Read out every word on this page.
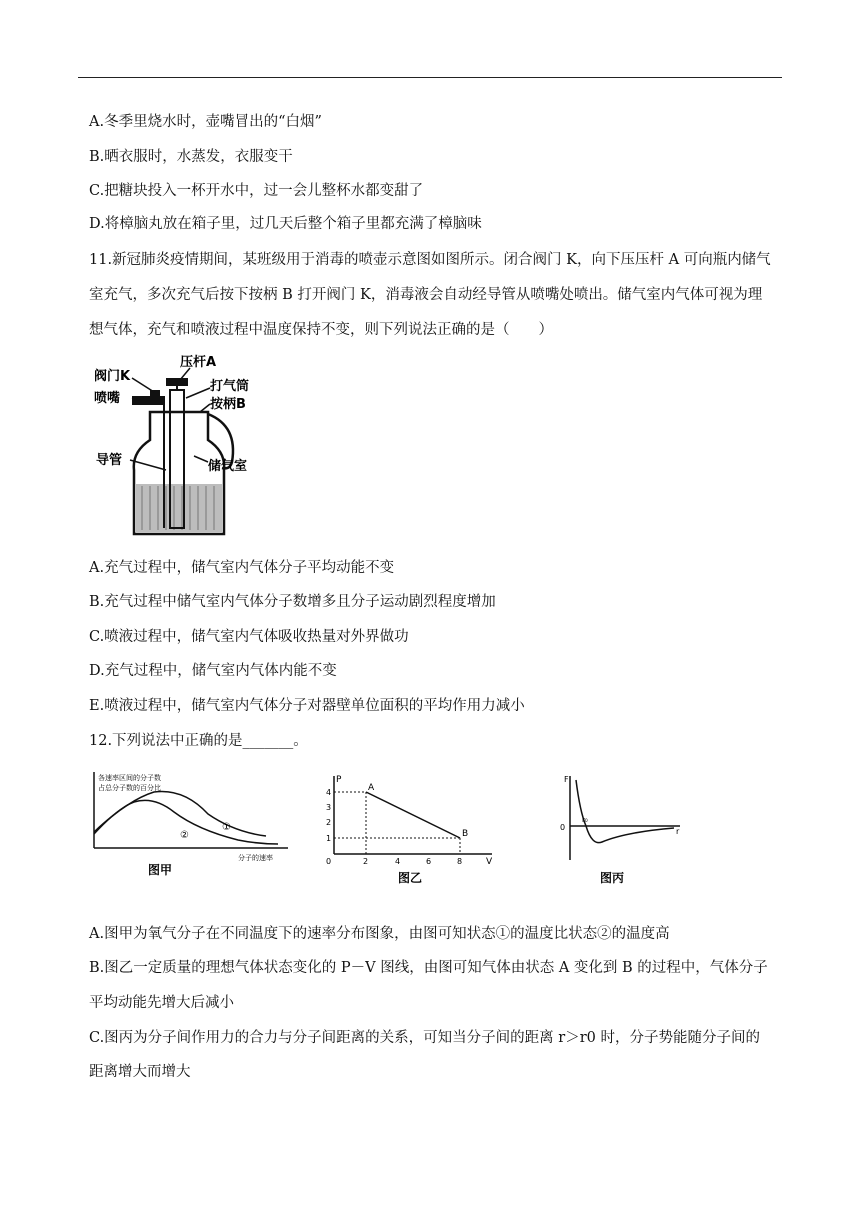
A.冬季里烧水时，壶嘴冒出的“白烟”
B.晒衣服时，水蒸发，衣服变干
C.把糖块投入一杯开水中，过一会儿整杯水都变甜了
D.将樟脑丸放在箱子里，过几天后整个箱子里都充满了樟脑味
11.新冠肺炎疫情期间，某班级用于消毒的喷壶示意图如图所示。闭合阀门 K，向下压压杆 A 可向瓶内储气
室充气，多次充气后按下按柄 B 打开阀门 K，消毒液会自动经导管从喷嘴处喷出。储气室内气体可视为理
想气体，充气和喷液过程中温度保持不变，则下列说法正确的是（　　）
阀门K
喷嘴
压杆A
打气筒
按柄B
导管	储气室
A.充气过程中，储气室内气体分子平均动能不变
B.充气过程中储气室内气体分子数增多且分子运动剧烈程度增加
C.喷液过程中，储气室内气体吸收热量对外界做功
D.充气过程中，储气室内气体内能不变
E.喷液过程中，储气室内气体分子对器壁单位面积的平均作用力减小
12.下列说法中正确的是_______。
各速率区间的分子数
占总分子数的百分比
分子的速率
①
②
图甲
P
V
A
B
4
3
2
1
0	2	4	6	8
图乙
F
r
0
r₀
图丙
A.图甲为氧气分子在不同温度下的速率分布图象，由图可知状态①的温度比状态②的温度高
B.图乙一定质量的理想气体状态变化的 P－V 图线，由图可知气体由状态 A 变化到 B 的过程中，气体分子
平均动能先增大后减小
C.图丙为分子间作用力的合力与分子间距离的关系，可知当分子间的距离 r＞r0 时，分子势能随分子间的
距离增大而增大
